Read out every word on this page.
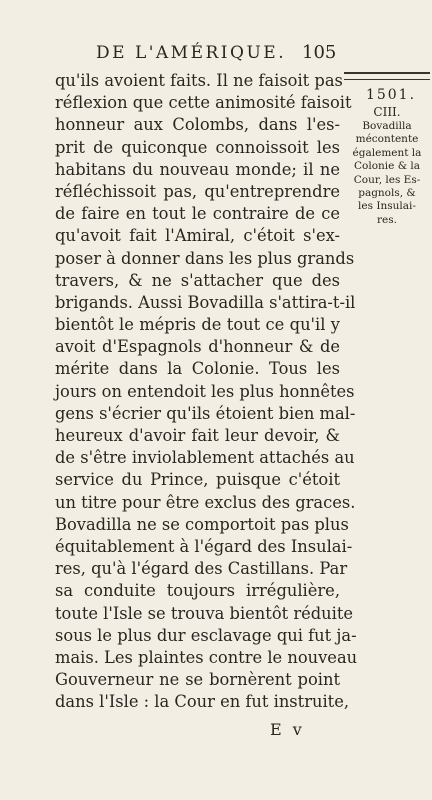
DE L'AMÉRIQUE. 105
qu'ils avoient faits. Il ne faisoit pas
réflexion que cette animosité faisoit
honneur aux Colombs, dans l'es-
prit de quiconque connoissoit les
habitans du nouveau monde; il ne
réfléchissoit pas, qu'entreprendre
de faire en tout le contraire de ce
qu'avoit fait l'Amiral, c'étoit s'ex-
poser à donner dans les plus grands
travers, & ne s'attacher que des
brigands. Aussi Bovadilla s'attira-t-il
bientôt le mépris de tout ce qu'il y
avoit d'Espagnols d'honneur & de
mérite dans la Colonie. Tous les
jours on entendoit les plus honnêtes
gens s'écrier qu'ils étoient bien mal-
heureux d'avoir fait leur devoir, &
de s'être inviolablement attachés au
service du Prince, puisque c'étoit
un titre pour être exclus des graces.
Bovadilla ne se comportoit pas plus
équitablement à l'égard des Insulai-
res, qu'à l'égard des Castillans. Par
sa conduite toujours irrégulière,
toute l'Isle se trouva bientôt réduite
sous le plus dur esclavage qui fut ja-
mais. Les plaintes contre le nouveau
Gouverneur ne se bornèrent point
dans l'Isle : la Cour en fut instruite,
1501.
CIII.
Bovadilla
mécontente
également la
Colonie & la
Cour, les Es-
pagnols, &
les Insulai-
res.
E v
